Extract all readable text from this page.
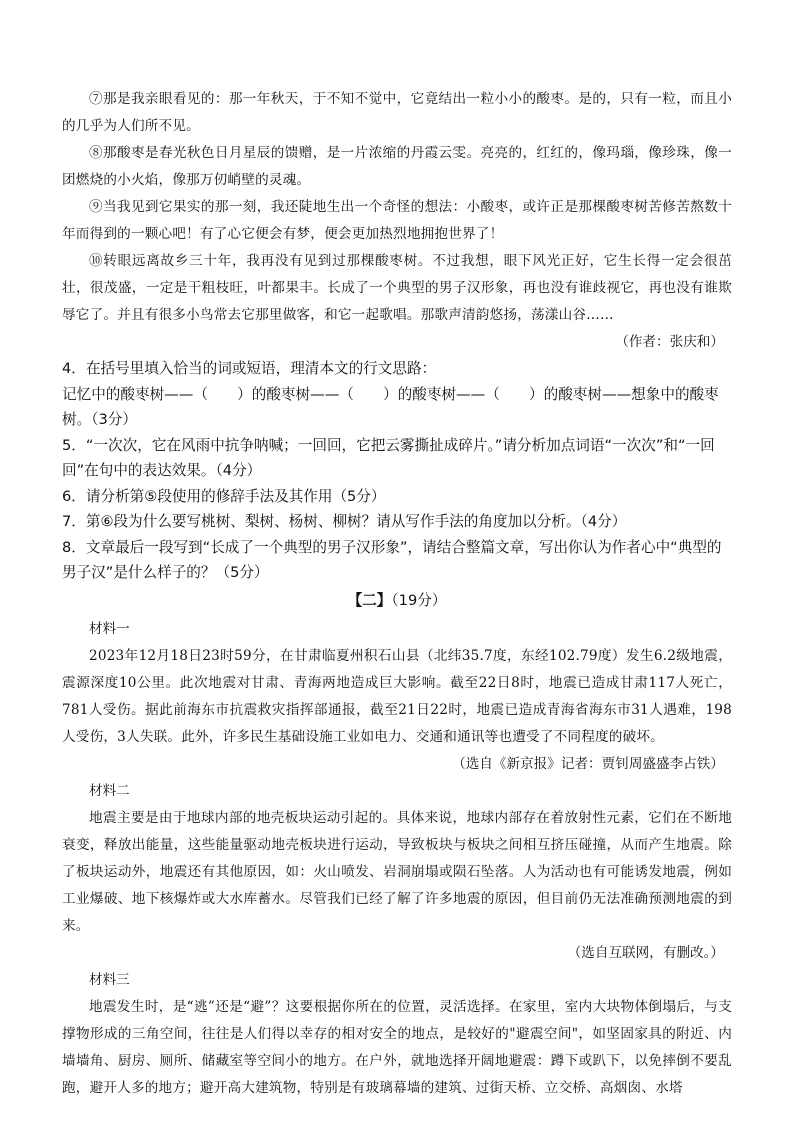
⑦那是我亲眼看见的：那一年秋天，于不知不觉中，它竟结出一粒小小的酸枣。是的，只有一粒，而且小的几乎为人们所不见。

⑧那酸枣是春光秋色日月星辰的馈赠，是一片浓缩的丹霞云雯。亮亮的，红红的，像玛瑙，像珍珠，像一团燃烧的小火焰，像那万仞峭壁的灵魂。

⑨当我见到它果实的那一刻，我还陡地生出一个奇怪的想法：小酸枣，或许正是那棵酸枣树苦修苦熬数十年而得到的一颗心吧！有了心它便会有梦，便会更加热烈地拥抱世界了！

⑩转眼远离故乡三十年，我再没有见到过那棵酸枣树。不过我想，眼下风光正好，它生长得一定会很茁壮，很茂盛，一定是干粗枝旺，叶都果丰。长成了一个典型的男子汉形象，再也没有谁歧视它，再也没有谁欺辱它了。并且有很多小鸟常去它那里做客，和它一起歌唱。那歌声清韵悠扬，荡漾山谷……

（作者：张庆和）

4．在括号里填入恰当的词或短语，理清本文的行文思路：

记忆中的酸枣树——（　　）的酸枣树——（　　）的酸枣树——（　　）的酸枣树——想象中的酸枣树。（3分）

5．“一次次，它在风雨中抗争呐喊；一回回，它把云雾撕扯成碎片。”请分析加点词语“一次次”和“一回回”在句中的表达效果。（4分）

6．请分析第⑤段使用的修辞手法及其作用（5分）

7．第⑥段为什么要写桃树、梨树、杨树、柳树？请从写作手法的角度加以分析。（4分）

8．文章最后一段写到“长成了一个典型的男子汉形象”，请结合整篇文章，写出你认为作者心中“典型的男子汉”是什么样子的？（5分）

【二】（19分）

材料一

2023年12月18日23时59分，在甘肃临夏州积石山县（北纬35.7度，东经102.79度）发生6.2级地震，震源深度10公里。此次地震对甘肃、青海两地造成巨大影响。截至22日8时，地震已造成甘肃117人死亡，781人受伤。据此前海东市抗震救灾指挥部通报，截至21日22时，地震已造成青海省海东市31人遇难，198人受伤，3人失联。此外，许多民生基础设施工业如电力、交通和通讯等也遭受了不同程度的破坏。

（选自《新京报》记者：贾钊周盛盛李占铁）

材料二

地震主要是由于地球内部的地壳板块运动引起的。具体来说，地球内部存在着放射性元素，它们在不断地衰变，释放出能量，这些能量驱动地壳板块进行运动，导致板块与板块之间相互挤压碰撞，从而产生地震。除了板块运动外，地震还有其他原因，如：火山喷发、岩洞崩塌或陨石坠落。人为活动也有可能诱发地震，例如工业爆破、地下核爆炸或大水库蓄水。尽管我们已经了解了许多地震的原因，但目前仍无法准确预测地震的到来。

（选自互联网，有删改。）

材料三

地震发生时，是“逃”还是“避”？这要根据你所在的位置，灵活选择。在家里，室内大块物体倒塌后，与支撑物形成的三角空间，往往是人们得以幸存的相对安全的地点，是较好的"避震空间"，如坚固家具的附近、内墙墙角、厨房、厕所、储藏室等空间小的地方。在户外，就地选择开阔地避震：蹲下或趴下，以免摔倒不要乱跑，避开人多的地方；避开高大建筑物，特别是有玻璃幕墙的建筑、过街天桥、立交桥、高烟囱、水塔
